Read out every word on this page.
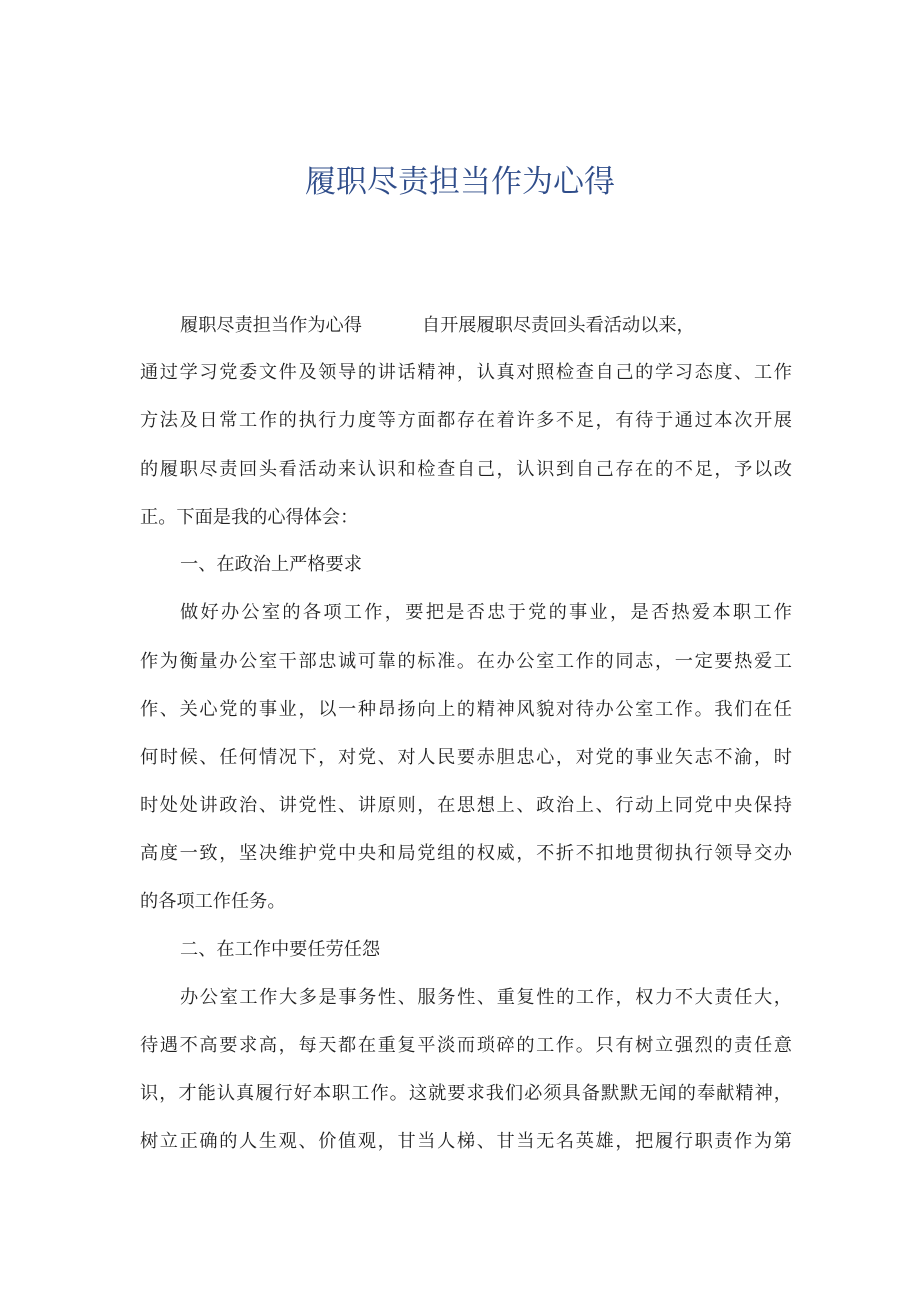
履职尽责担当作为心得
履职尽责担当作为心得	自开展履职尽责回头看活动以来，
通过学习党委文件及领导的讲话精神，认真对照检查自己的学习态度、工作
方法及日常工作的执行力度等方面都存在着许多不足，有待于通过本次开展
的履职尽责回头看活动来认识和检查自己，认识到自己存在的不足，予以改
正。下面是我的心得体会：
一、在政治上严格要求
做好办公室的各项工作，要把是否忠于党的事业，是否热爱本职工作
作为衡量办公室干部忠诚可靠的标准。在办公室工作的同志，一定要热爱工
作、关心党的事业，以一种昂扬向上的精神风貌对待办公室工作。我们在任
何时候、任何情况下，对党、对人民要赤胆忠心，对党的事业矢志不渝，时
时处处讲政治、讲党性、讲原则，在思想上、政治上、行动上同党中央保持
高度一致，坚决维护党中央和局党组的权威，不折不扣地贯彻执行领导交办
的各项工作任务。
二、在工作中要任劳任怨
办公室工作大多是事务性、服务性、重复性的工作，权力不大责任大，
待遇不高要求高，每天都在重复平淡而琐碎的工作。只有树立强烈的责任意
识，才能认真履行好本职工作。这就要求我们必须具备默默无闻的奉献精神，
树立正确的人生观、价值观，甘当人梯、甘当无名英雄，把履行职责作为第
